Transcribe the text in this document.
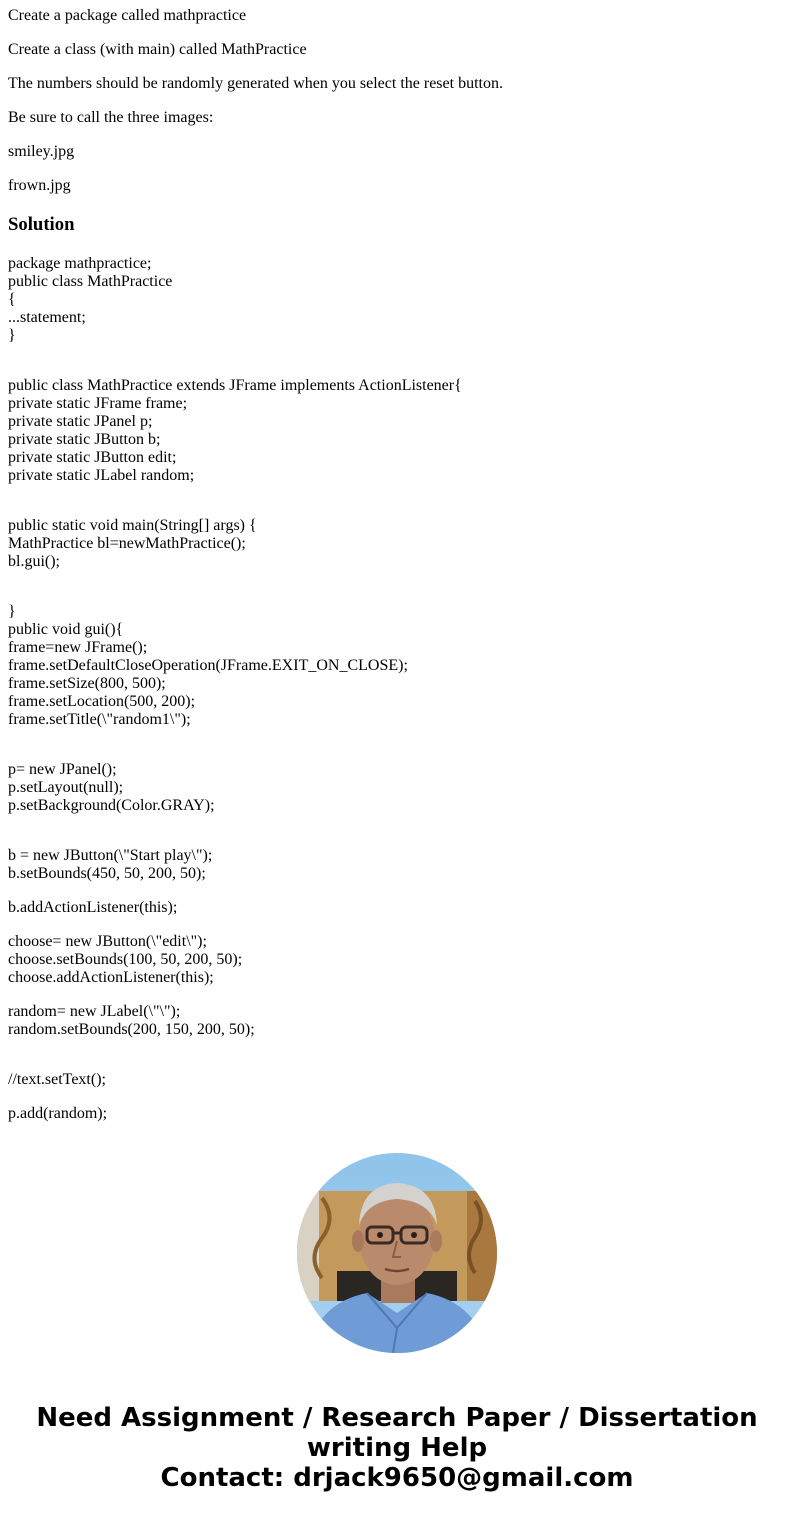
Create a package called mathpractice

Create a class (with main) called MathPractice

The numbers should be randomly generated when you select the reset button.

Be sure to call the three images:

smiley.jpg

frown.jpg

Solution
package mathpractice;
public class MathPractice
{
...statement;
}
public class MathPractice extends JFrame implements ActionListener{
private static JFrame frame;
private static JPanel p;
private static JButton b;
private static JButton edit;
private static JLabel random;
public static void main(String[] args) {
MathPractice bl=newMathPractice();
bl.gui();
}
public void gui(){
frame=new JFrame();
frame.setDefaultCloseOperation(JFrame.EXIT_ON_CLOSE);
frame.setSize(800, 500);
frame.setLocation(500, 200);
frame.setTitle(\"random1\");
p= new JPanel();
p.setLayout(null);
p.setBackground(Color.GRAY);
b = new JButton(\"Start play\");
b.setBounds(450, 50, 200, 50);
b.addActionListener(this);
choose= new JButton(\"edit\");
choose.setBounds(100, 50, 200, 50);
choose.addActionListener(this);
random= new JLabel(\"\");
random.setBounds(200, 150, 200, 50);
//text.setText();
p.add(random);
Need Assignment / Research Paper / Dissertation
writing Help
Contact: drjack9650@gmail.com
